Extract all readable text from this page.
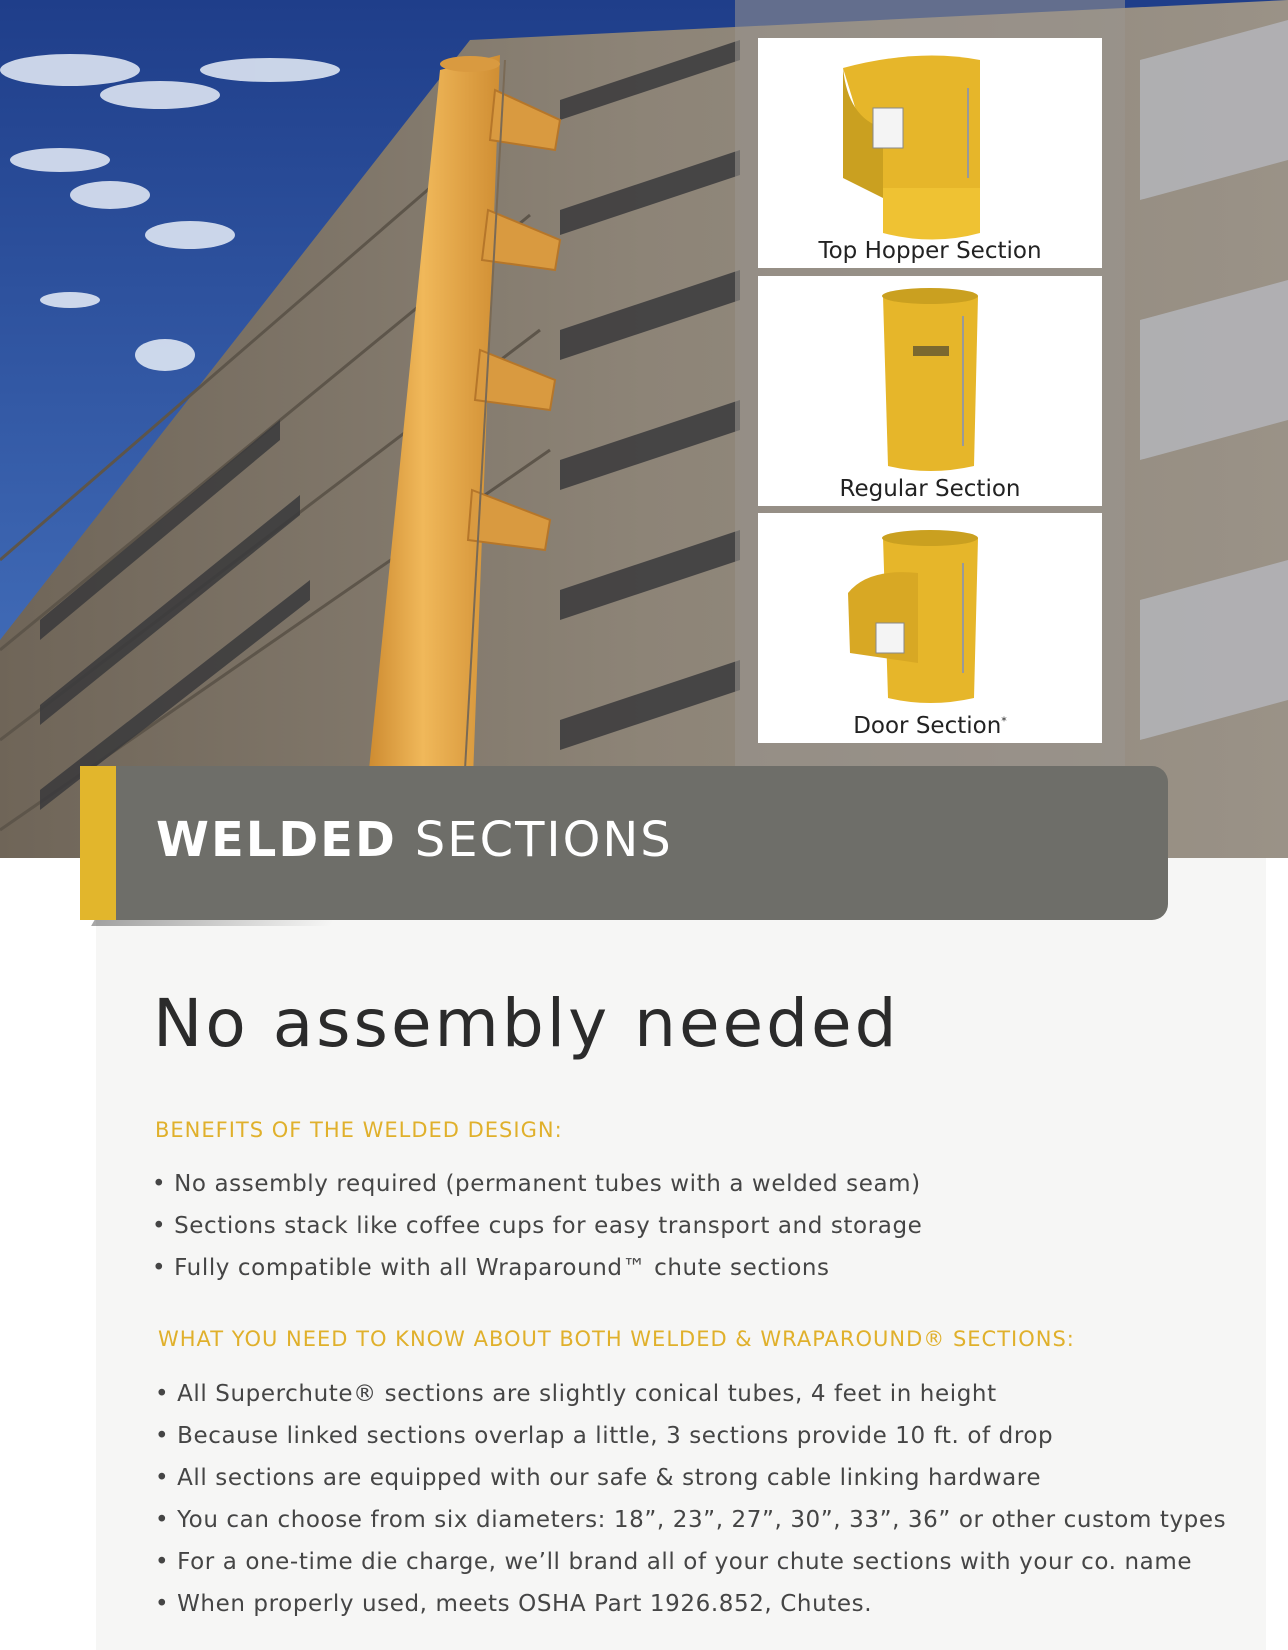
Top Hopper Section
Regular Section
Door Section*
WELDED SECTIONS
No assembly needed
BENEFITS OF THE WELDED DESIGN:
• No assembly required (permanent tubes with a welded seam)
• Sections stack like coffee cups for easy transport and storage
• Fully compatible with all Wraparound™ chute sections
WHAT YOU NEED TO KNOW ABOUT BOTH WELDED & WRAPAROUND® SECTIONS:
• All Superchute® sections are slightly conical tubes, 4 feet in height
• Because linked sections overlap a little, 3 sections provide 10 ft. of drop
• All sections are equipped with our safe & strong cable linking hardware
• You can choose from six diameters: 18”, 23”, 27”, 30”, 33”, 36” or other custom types
• For a one-time die charge, we’ll brand all of your chute sections with your co. name
• When properly used, meets OSHA Part 1926.852, Chutes.
